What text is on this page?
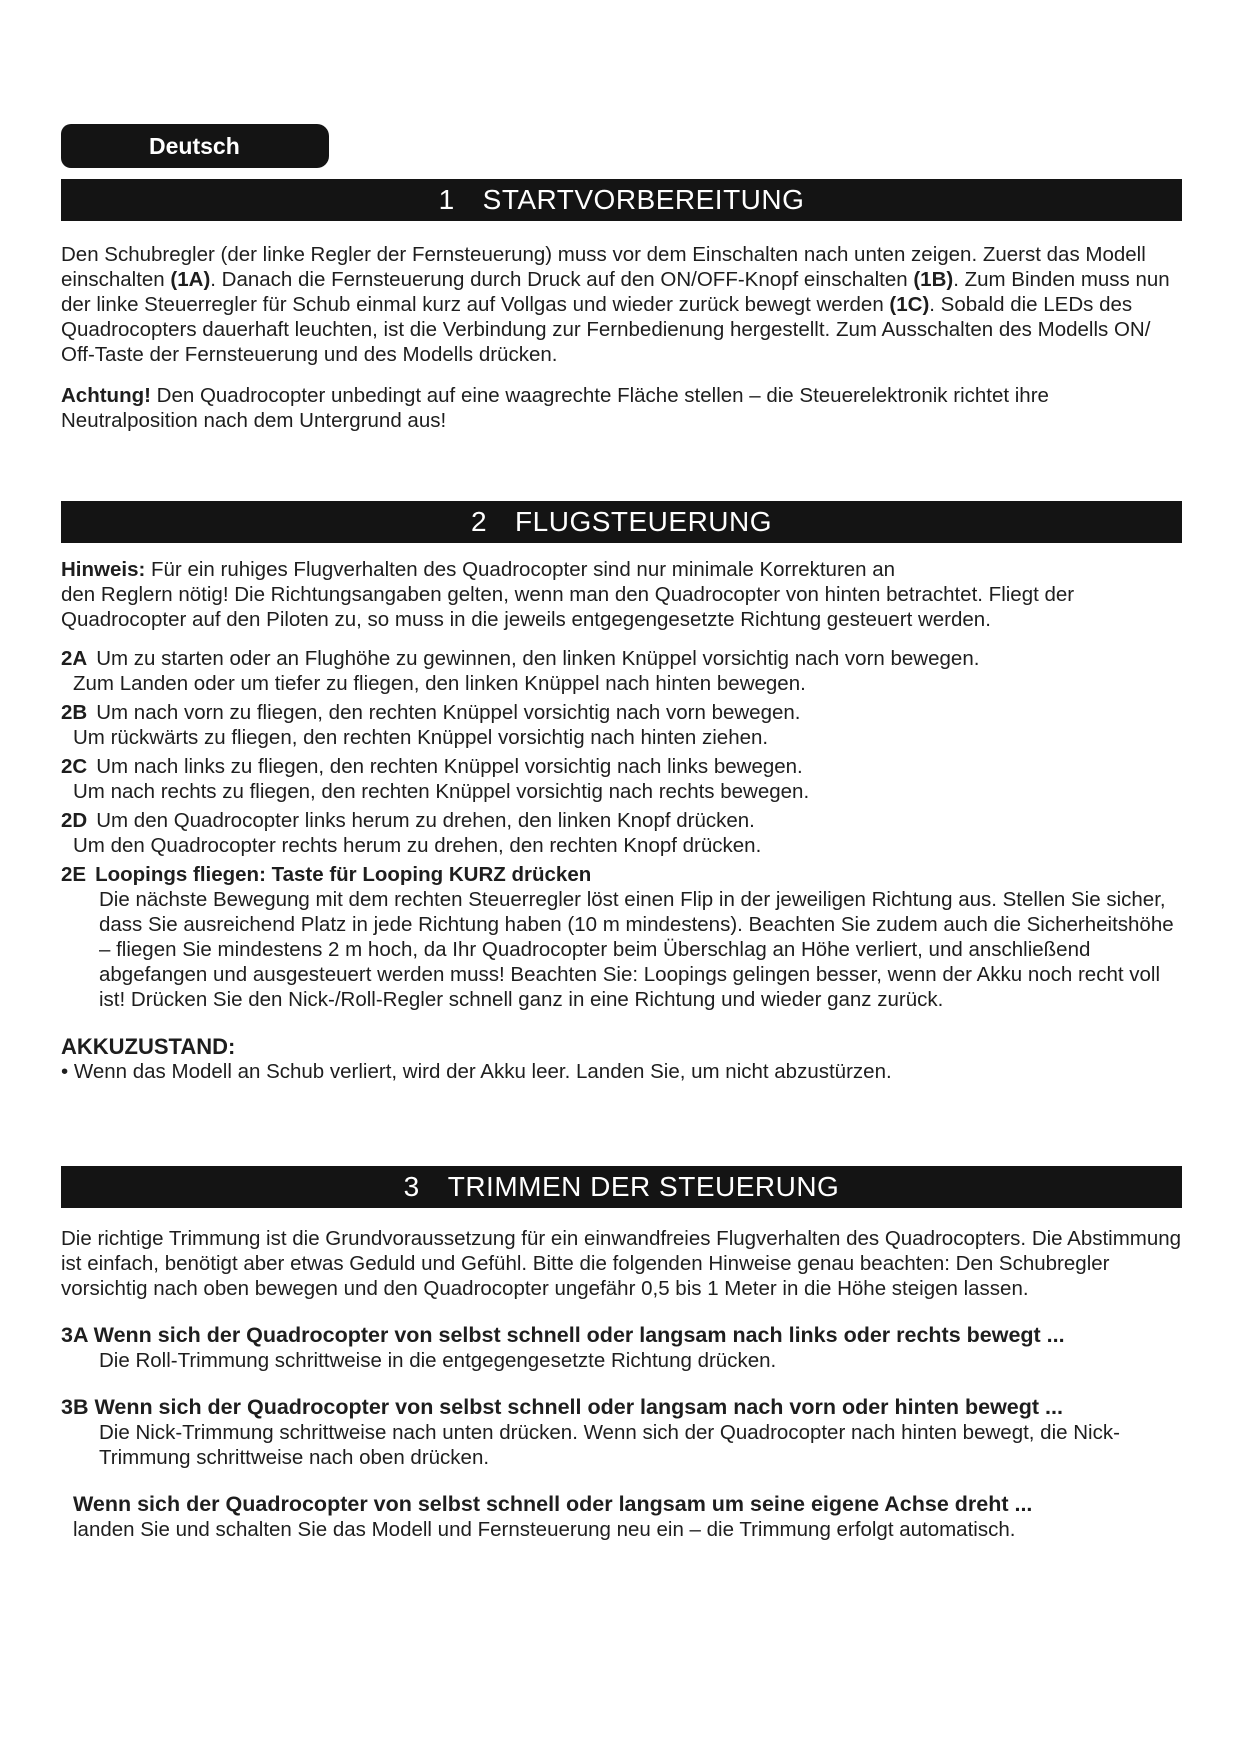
Deutsch
1 STARTVORBEREITUNG

Den Schubregler (der linke Regler der Fernsteuerung) muss vor dem Einschalten nach unten zeigen. Zuerst das Modell einschalten (1A). Danach die Fernsteuerung durch Druck auf den ON/OFF-Knopf einschalten (1B). Zum Binden muss nun der linke Steuerregler für Schub einmal kurz auf Vollgas und wieder zurück bewegt werden (1C). Sobald die LEDs des Quadrocopters dauerhaft leuchten, ist die Verbindung zur Fernbedienung hergestellt. Zum Ausschalten des Modells ON/ Off-Taste der Fernsteuerung und des Modells drücken.

Achtung! Den Quadrocopter unbedingt auf eine waagrechte Fläche stellen – die Steuerelektronik richtet ihre Neutralposition nach dem Untergrund aus!

2 FLUGSTEUERUNG

Hinweis: Für ein ruhiges Flugverhalten des Quadrocopter sind nur minimale Korrekturen an
den Reglern nötig! Die Richtungsangaben gelten, wenn man den Quadrocopter von hinten betrachtet. Fliegt der Quadrocopter auf den Piloten zu, so muss in die jeweils entgegengesetzte Richtung gesteuert werden.

2A Um zu starten oder an Flughöhe zu gewinnen, den linken Knüppel vorsichtig nach vorn bewegen.
Zum Landen oder um tiefer zu fliegen, den linken Knüppel nach hinten bewegen.

2B Um nach vorn zu fliegen, den rechten Knüppel vorsichtig nach vorn bewegen.
Um rückwärts zu fliegen, den rechten Knüppel vorsichtig nach hinten ziehen.

2C Um nach links zu fliegen, den rechten Knüppel vorsichtig nach links bewegen.
Um nach rechts zu fliegen, den rechten Knüppel vorsichtig nach rechts bewegen.

2D Um den Quadrocopter links herum zu drehen, den linken Knopf drücken.
Um den Quadrocopter rechts herum zu drehen, den rechten Knopf drücken.

2E Loopings fliegen: Taste für Looping KURZ drücken

Die nächste Bewegung mit dem rechten Steuerregler löst einen Flip in der jeweiligen Richtung aus. Stellen Sie sicher, dass Sie ausreichend Platz in jede Richtung haben (10 m mindestens). Beachten Sie zudem auch die Sicherheitshöhe – fliegen Sie mindestens 2 m hoch, da Ihr Quadrocopter beim Überschlag an Höhe verliert, und anschließend abgefangen und ausgesteuert werden muss! Beachten Sie: Loopings gelingen besser, wenn der Akku noch recht voll ist! Drücken Sie den Nick-/Roll-Regler schnell ganz in eine Richtung und wieder ganz zurück.

AKKUZUSTAND:

• Wenn das Modell an Schub verliert, wird der Akku leer. Landen Sie, um nicht abzustürzen.

3 TRIMMEN DER STEUERUNG

Die richtige Trimmung ist die Grundvoraussetzung für ein einwandfreies Flugverhalten des Quadrocopters. Die Abstimmung ist einfach, benötigt aber etwas Geduld und Gefühl. Bitte die folgenden Hinweise genau beachten: Den Schubregler vorsichtig nach oben bewegen und den Quadrocopter ungefähr 0,5 bis 1 Meter in die Höhe steigen lassen.

3A Wenn sich der Quadrocopter von selbst schnell oder langsam nach links oder rechts bewegt ...

Die Roll-Trimmung schrittweise in die entgegengesetzte Richtung drücken.

3B Wenn sich der Quadrocopter von selbst schnell oder langsam nach vorn oder hinten bewegt ...

Die Nick-Trimmung schrittweise nach unten drücken. Wenn sich der Quadrocopter nach hinten bewegt, die Nick-Trimmung schrittweise nach oben drücken.

Wenn sich der Quadrocopter von selbst schnell oder langsam um seine eigene Achse dreht ...

landen Sie und schalten Sie das Modell und Fernsteuerung neu ein – die Trimmung erfolgt automatisch.
